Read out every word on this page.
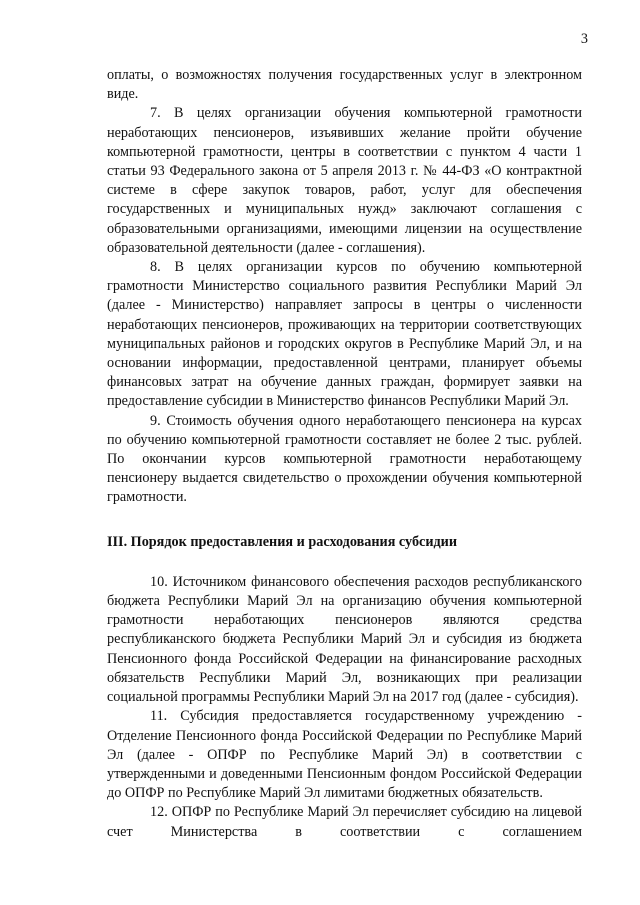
3

оплаты, о возможностях получения государственных услуг в электронном виде.

7. В целях организации обучения компьютерной грамотности неработающих пенсионеров, изъявивших желание пройти обучение компьютерной грамотности, центры в соответствии с пунктом 4 части 1 статьи 93 Федерального закона от 5 апреля 2013 г. № 44-ФЗ «О контрактной системе в сфере закупок товаров, работ, услуг для обеспечения государственных и муниципальных нужд» заключают соглашения с образовательными организациями, имеющими лицензии на осуществление образовательной деятельности (далее - соглашения).

8. В целях организации курсов по обучению компьютерной грамотности Министерство социального развития Республики Марий Эл (далее - Министерство) направляет запросы в центры о численности неработающих пенсионеров, проживающих на территории соответствующих муниципальных районов и городских округов в Республике Марий Эл, и на основании информации, предоставленной центрами, планирует объемы финансовых затрат на обучение данных граждан, формирует заявки на предоставление субсидии в Министерство финансов Республики Марий Эл.

9. Стоимость обучения одного неработающего пенсионера на курсах по обучению компьютерной грамотности составляет не более 2 тыс. рублей. По окончании курсов компьютерной грамотности неработающему пенсионеру выдается свидетельство о прохождении обучения компьютерной грамотности.

III. Порядок предоставления и расходования субсидии

10. Источником финансового обеспечения расходов республиканского бюджета Республики Марий Эл на организацию обучения компьютерной грамотности неработающих пенсионеров являются средства республиканского бюджета Республики Марий Эл и субсидия из бюджета Пенсионного фонда Российской Федерации на финансирование расходных обязательств Республики Марий Эл, возникающих при реализации социальной программы Республики Марий Эл на 2017 год (далее - субсидия).

11. Субсидия предоставляется государственному учреждению - Отделение Пенсионного фонда Российской Федерации по Республике Марий Эл (далее - ОПФР по Республике Марий Эл) в соответствии с утвержденными и доведенными Пенсионным фондом Российской Федерации до ОПФР по Республике Марий Эл лимитами бюджетных обязательств.

12. ОПФР по Республике Марий Эл перечисляет субсидию на лицевой счет Министерства в соответствии с соглашением
